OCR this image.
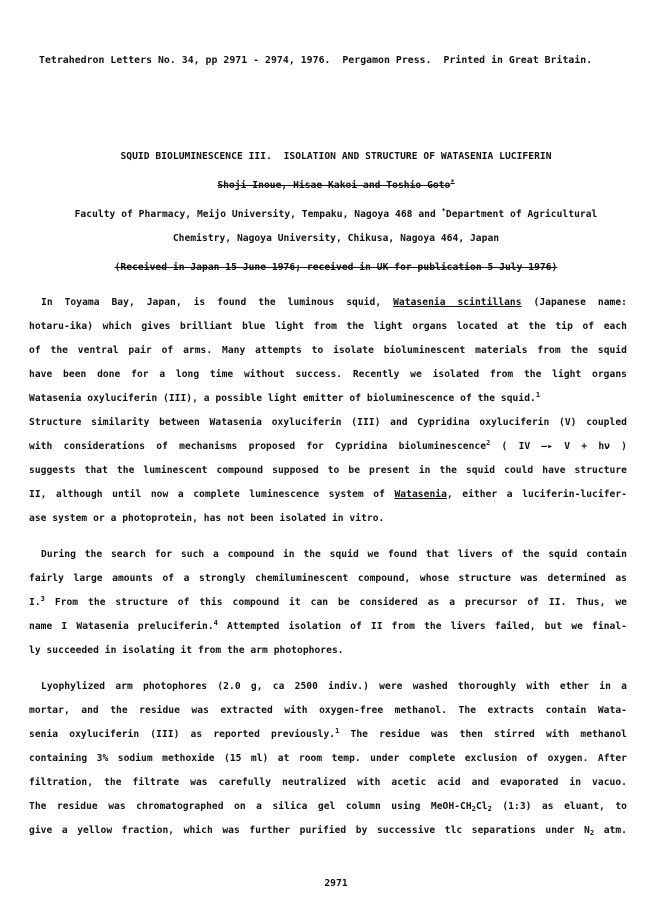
Tetrahedron Letters No. 34, pp 2971 - 2974, 1976.  Pergamon Press.  Printed in Great Britain.
SQUID BIOLUMINESCENCE III.  ISOLATION AND STRUCTURE OF WATASENIA LUCIFERIN
Shoji Inoue, Hisae Kakoi and Toshio Goto*
Faculty of Pharmacy, Meijo University, Tempaku, Nagoya 468 and *Department of Agricultural
Chemistry, Nagoya University, Chikusa, Nagoya 464, Japan
(Received in Japan 15 June 1976; received in UK for publication 5 July 1976)
In Toyama Bay, Japan, is found the luminous squid, Watasenia scintillans (Japanese name:
hotaru-ika) which gives brilliant blue light from the light organs located at the tip of each
of the ventral pair of arms. Many attempts to isolate bioluminescent materials from the squid
have been done for a long time without success. Recently we isolated from the light organs
Watasenia oxyluciferin (III), a possible light emitter of bioluminescence of the squid.$^1$
Structure similarity between Watasenia oxyluciferin (III) and Cypridina oxyluciferin (V) coupled
with considerations of mechanisms proposed for Cypridina bioluminescence$^2$ ( IV —▸ V + hν )
suggests that the luminescent compound supposed to be present in the squid could have structure
II, although until now a complete luminescence system of Watasenia, either a luciferin-lucifer-
ase system or a photoprotein, has not been isolated in vitro.
During the search for such a compound in the squid we found that livers of the squid contain
fairly large amounts of a strongly chemiluminescent compound, whose structure was determined as
I.$^3$ From the structure of this compound it can be considered as a precursor of II. Thus, we
name I Watasenia preluciferin.$^4$ Attempted isolation of II from the livers failed, but we final-
ly succeeded in isolating it from the arm photophores.
Lyophylized arm photophores (2.0 g, ca 2500 indiv.) were washed thoroughly with ether in a
mortar, and the residue was extracted with oxygen-free methanol. The extracts contain Wata-
senia oxyluciferin (III) as reported previously.$^1$ The residue was then stirred with methanol
containing 3% sodium methoxide (15 ml) at room temp. under complete exclusion of oxygen. After
filtration, the filtrate was carefully neutralized with acetic acid and evaporated in vacuo.
The residue was chromatographed on a silica gel column using MeOH-$CH_2Cl_2$ (1:3) as eluant, to
give a yellow fraction, which was further purified by successive tlc separations under $N_2$ atm.
2971
